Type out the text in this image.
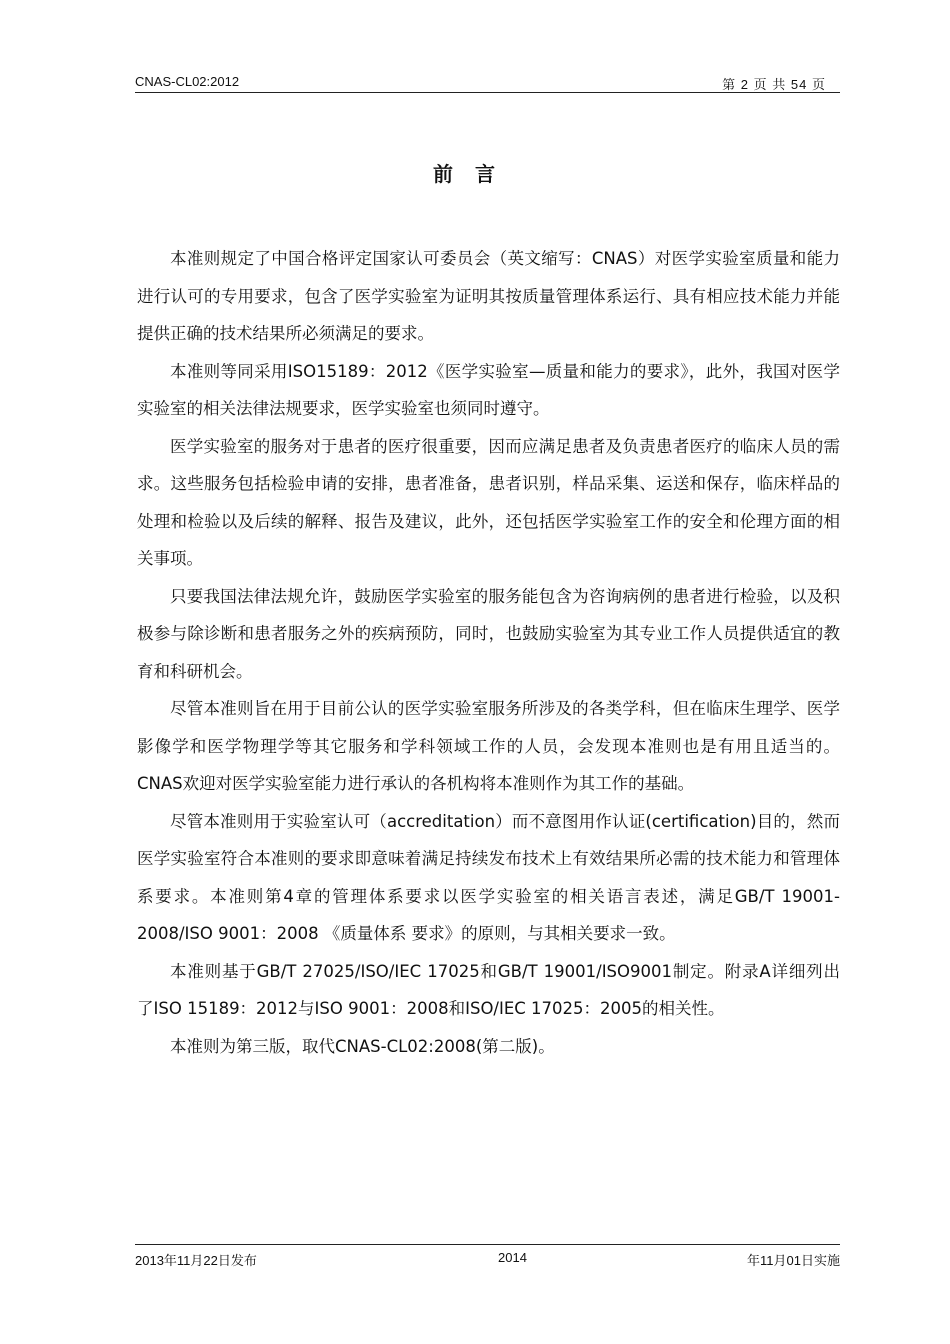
CNAS-CL02:2012	第 2 页 共 54 页
前言

本准则规定了中国合格评定国家认可委员会（英文缩写：CNAS）对医学实验室质量和能力进行认可的专用要求，包含了医学实验室为证明其按质量管理体系运行、具有相应技术能力并能提供正确的技术结果所必须满足的要求。

本准则等同采用ISO15189：2012《医学实验室—质量和能力的要求》，此外，我国对医学实验室的相关法律法规要求，医学实验室也须同时遵守。

医学实验室的服务对于患者的医疗很重要，因而应满足患者及负责患者医疗的临床人员的需求。这些服务包括检验申请的安排，患者准备，患者识别，样品采集、运送和保存，临床样品的处理和检验以及后续的解释、报告及建议，此外，还包括医学实验室工作的安全和伦理方面的相关事项。

只要我国法律法规允许，鼓励医学实验室的服务能包含为咨询病例的患者进行检验，以及积极参与除诊断和患者服务之外的疾病预防，同时，也鼓励实验室为其专业工作人员提供适宜的教育和科研机会。

尽管本准则旨在用于目前公认的医学实验室服务所涉及的各类学科，但在临床生理学、医学影像学和医学物理学等其它服务和学科领域工作的人员，会发现本准则也是有用且适当的。CNAS欢迎对医学实验室能力进行承认的各机构将本准则作为其工作的基础。

尽管本准则用于实验室认可（accreditation）而不意图用作认证(certification)目的，然而医学实验室符合本准则的要求即意味着满足持续发布技术上有效结果所必需的技术能力和管理体系要求。本准则第4章的管理体系要求以医学实验室的相关语言表述，满足GB/T 19001-2008/ISO 9001：2008 《质量体系 要求》的原则，与其相关要求一致。

本准则基于GB/T 27025/ISO/IEC 17025和GB/T 19001/ISO9001制定。附录A详细列出了ISO 15189：2012与ISO 9001：2008和ISO/IEC 17025：2005的相关性。

本准则为第三版，取代CNAS-CL02:2008(第二版)。

2013年11月22日发布	2014	年11月01日实施
